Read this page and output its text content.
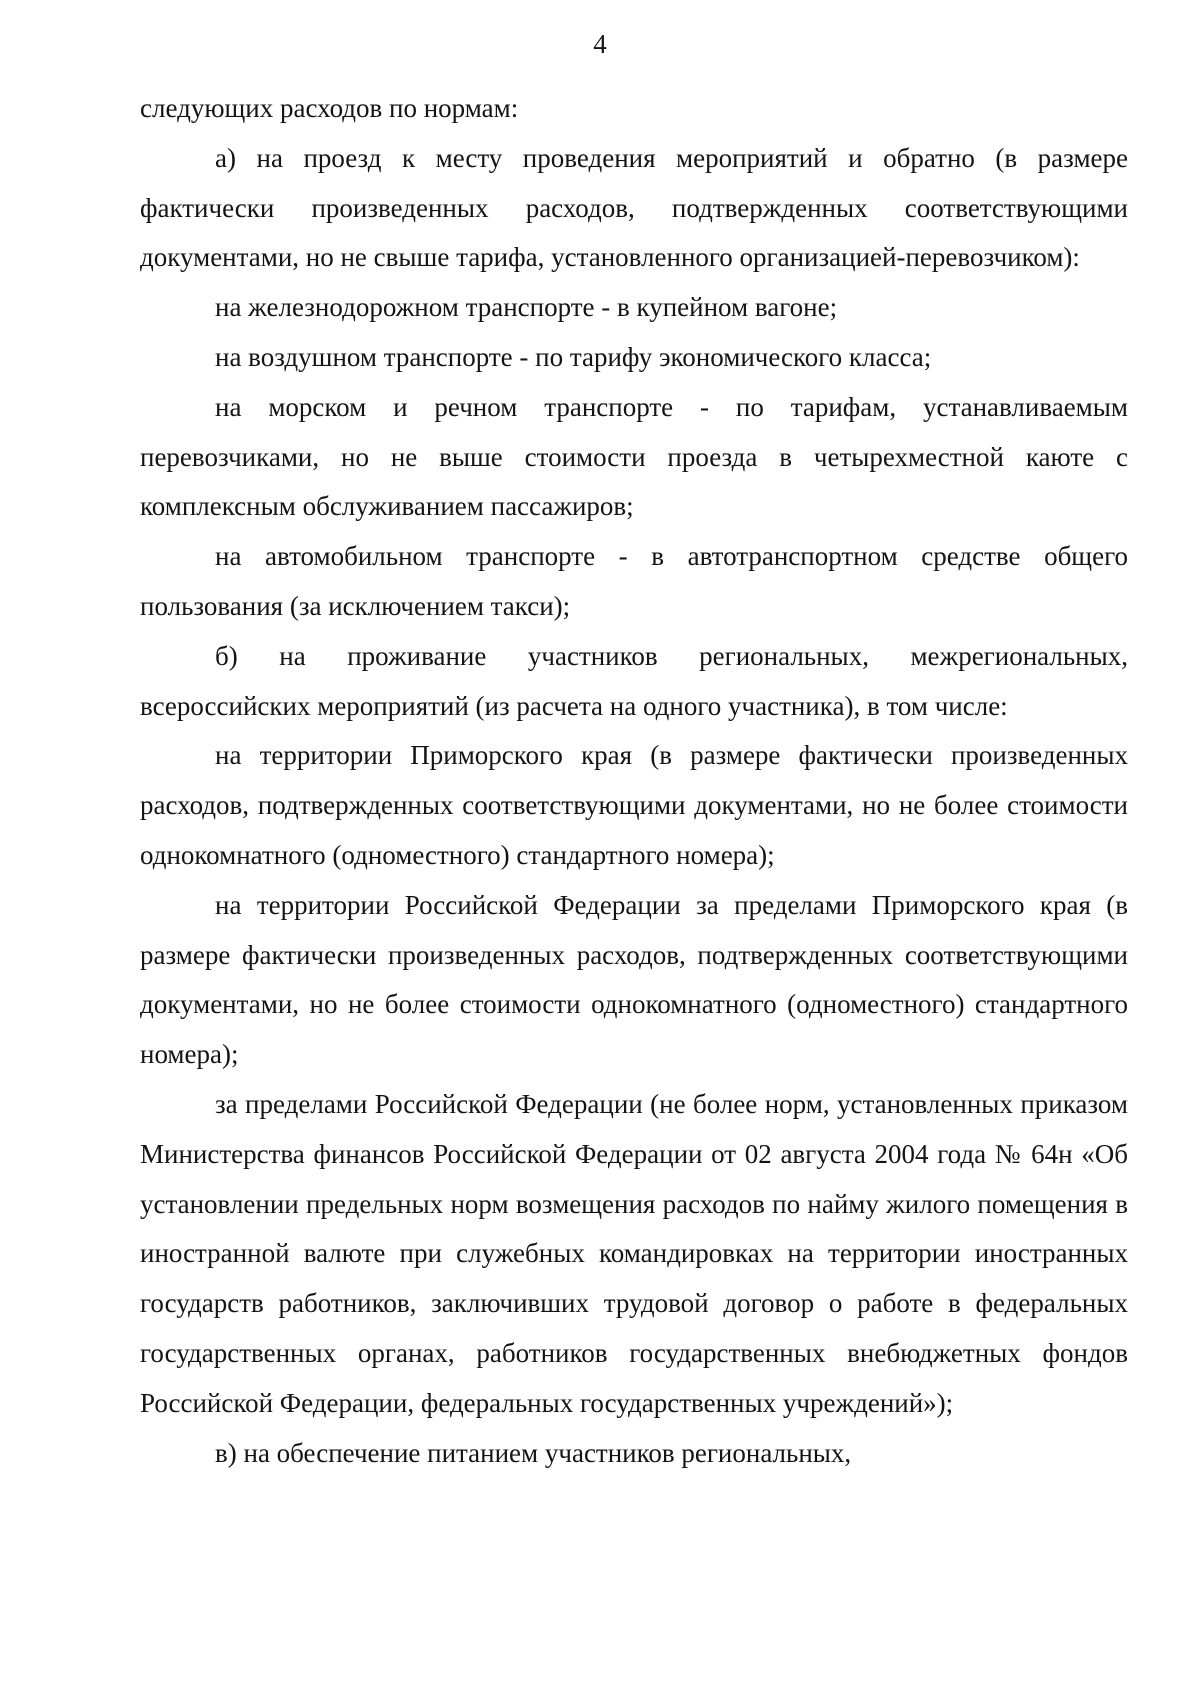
4

следующих расходов по нормам:

а) на проезд к месту проведения мероприятий и обратно (в размере фактически произведенных расходов, подтвержденных соответствующими документами, но не свыше тарифа, установленного организацией-перевозчиком):

на железнодорожном транспорте - в купейном вагоне;

на воздушном транспорте - по тарифу экономического класса;

на морском и речном транспорте - по тарифам, устанавливаемым перевозчиками, но не выше стоимости проезда в четырехместной каюте с комплексным обслуживанием пассажиров;

на автомобильном транспорте - в автотранспортном средстве общего пользования (за исключением такси);

б) на проживание участников региональных, межрегиональных, всероссийских мероприятий (из расчета на одного участника), в том числе:

на территории Приморского края (в размере фактически произведенных расходов, подтвержденных соответствующими документами, но не более стоимости однокомнатного (одноместного) стандартного номера);

на территории Российской Федерации за пределами Приморского края (в размере фактически произведенных расходов, подтвержденных соответствующими документами, но не более стоимости однокомнатного (одноместного) стандартного номера);

за пределами Российской Федерации (не более норм, установленных приказом Министерства финансов Российской Федерации от 02 августа 2004 года № 64н «Об установлении предельных норм возмещения расходов по найму жилого помещения в иностранной валюте при служебных командировках на территории иностранных государств работников, заключивших трудовой договор о работе в федеральных государственных органах, работников государственных внебюджетных фондов Российской Федерации, федеральных государственных учреждений»);

в) на обеспечение питанием участников региональных,
